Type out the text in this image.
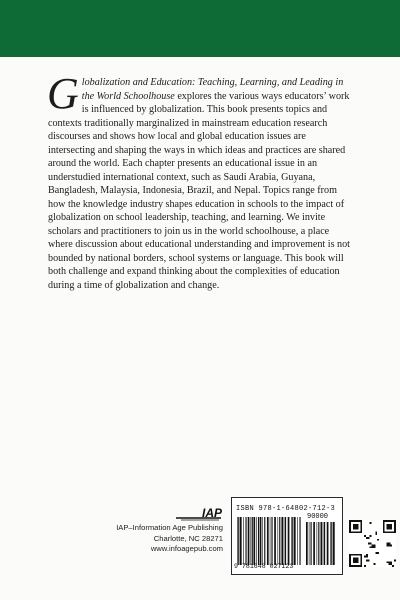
G lobalization and Education: Teaching, Learning, and Leading in the World Schoolhouse explores the various ways educators’ work is influenced by globalization. This book presents topics and contexts traditionally marginalized in mainstream education research discourses and shows how local and global education issues are intersecting and shaping the ways in which ideas and practices are shared around the world. Each chapter presents an educational issue in an understudied international context, such as Saudi Arabia, Guyana, Bangladesh, Malaysia, Indonesia, Brazil, and Nepal. Topics range from how the knowledge industry shapes education in schools to the impact of globalization on school leadership, teaching, and learning. We invite scholars and practitioners to join us in the world schoolhouse, a place where discussion about educational understanding and improvement is not bounded by national borders, school systems or language. This book will both challenge and expand thinking about the complexities of education during a time of globalization and change.
IAP
IAP–Information Age Publishing
Charlotte, NC 28271
www.infoagepub.com
ISBN 978-1-64802-712-3
90000
9 781648 027123
